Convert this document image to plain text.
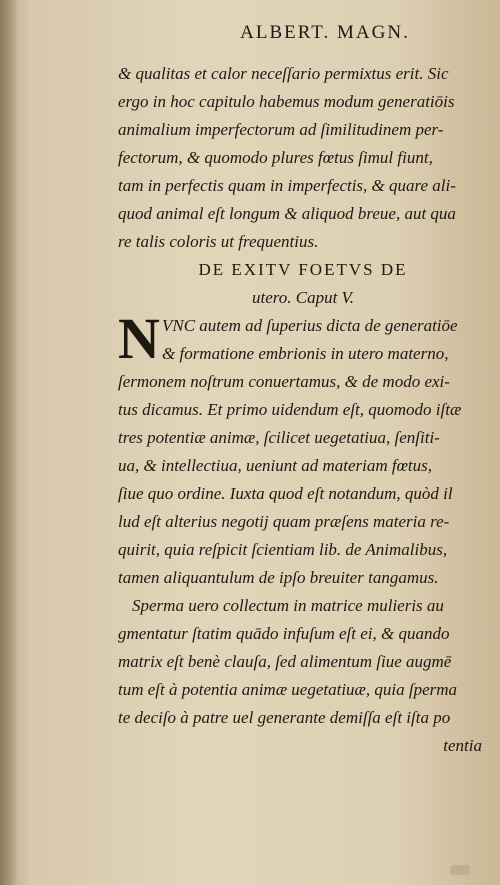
ALBERT. MAGN.
& qualitas et calor neceſſario permixtus erit. Sic
ergo in hoc capitulo habemus modum generatiōis
animalium imperfectorum ad ſimilitudinem per-
fectorum, & quomodo plures fœtus ſimul fiunt,
tam in perfectis quam in imperfectis, & quare ali-
quod animal eſt longum & aliquod breue, aut qua
re talis coloris ut frequentius.
DE EXITV FOETVS DE
utero. Caput V.
N VNC autem ad ſuperius dicta de generatiōe
& formatione embrionis in utero materno,
ſermonem noſtrum conuertamus, & de modo exi-
tus dicamus. Et primo uidendum eſt, quomodo iſtæ
tres potentiæ animæ, ſcilicet uegetatiua, ſenſiti-
ua, & intellectiua, ueniunt ad materiam fœtus,
ſiue quo ordine. Iuxta quod eſt notandum, quòd il
lud eſt alterius negotij quam præſens materia re-
quirit, quia reſpicit ſcientiam lib. de Animalibus,
tamen aliquantulum de ipſo breuiter tangamus.
Sperma uero collectum in matrice mulieris au
gmentatur ſtatim quādo infuſum eſt ei, & quando
matrix eſt benè clauſa, ſed alimentum ſiue augmē
tum eſt à potentia animæ uegetatiuæ, quia ſperma
te deciſo à patre uel generante demiſſa eſt iſta po
tentia
